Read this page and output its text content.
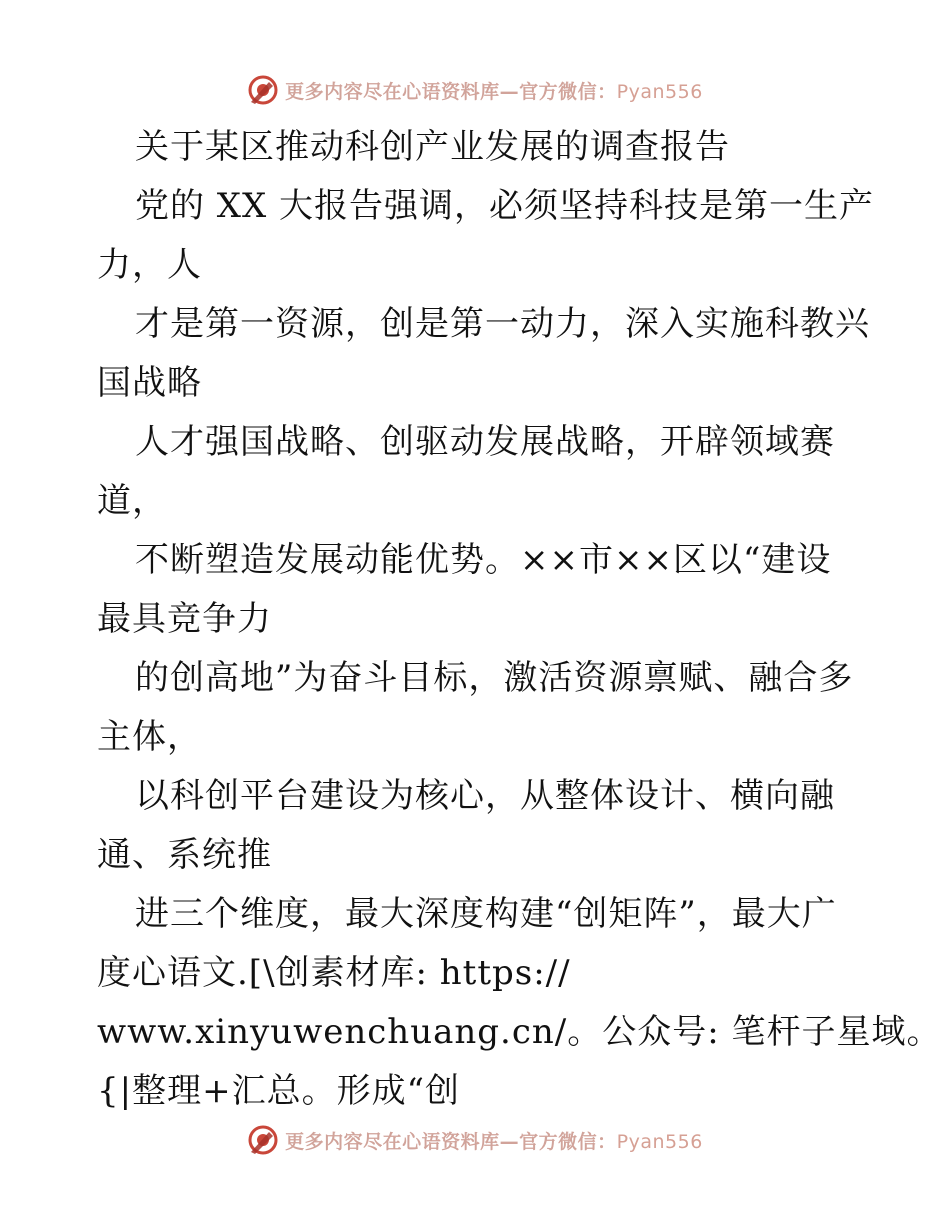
更多内容尽在心语资料库—官方微信：Pyan556
关于某区推动科创产业发展的调查报告
党的 XX 大报告强调，必须坚持科技是第一生产
力，人
才是第一资源，创是第一动力，深入实施科教兴
国战略
人才强国战略、创驱动发展战略，开辟领域赛
道，
不断塑造发展动能优势。××市××区以“建设
最具竞争力
的创高地”为奋斗目标，激活资源禀赋、融合多
主体，
以科创平台建设为核心，从整体设计、横向融
通、系统推
进三个维度，最大深度构建“创矩阵”，最大广
度心语文.[\创素材库: https://
www.xinyuwenchuang.cn/。公众号: 笔杆子星域。
{|整理+汇总。形成“创
更多内容尽在心语资料库—官方微信：Pyan556
